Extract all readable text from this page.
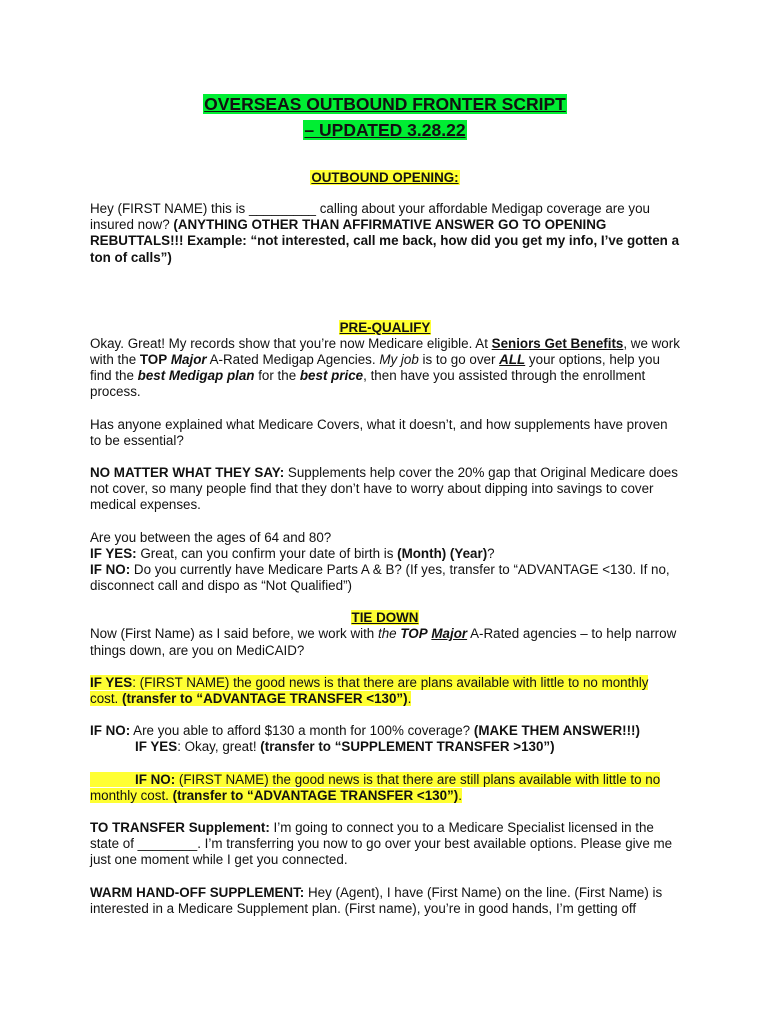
OVERSEAS OUTBOUND FRONTER SCRIPT
– UPDATED 3.28.22
OUTBOUND OPENING:

Hey (FIRST NAME) this is _________ calling about your affordable Medigap coverage are you insured now? (ANYTHING OTHER THAN AFFIRMATIVE ANSWER GO TO OPENING REBUTTALS!!! Example: “not interested, call me back, how did you get my info, I’ve gotten a ton of calls”)

PRE-QUALIFY

Okay. Great! My records show that you’re now Medicare eligible. At Seniors Get Benefits, we work with the TOP Major A-Rated Medigap Agencies. My job is to go over ALL your options, help you find the best Medigap plan for the best price, then have you assisted through the enrollment process.

Has anyone explained what Medicare Covers, what it doesn’t, and how supplements have proven to be essential?

NO MATTER WHAT THEY SAY: Supplements help cover the 20% gap that Original Medicare does not cover, so many people find that they don’t have to worry about dipping into savings to cover medical expenses.

Are you between the ages of 64 and 80?

IF YES: Great, can you confirm your date of birth is (Month) (Year)?

IF NO: Do you currently have Medicare Parts A & B? (If yes, transfer to “ADVANTAGE <130. If no, disconnect call and dispo as “Not Qualified”)

TIE DOWN

Now (First Name) as I said before, we work with the TOP Major A-Rated agencies – to help narrow things down, are you on MediCAID?

IF YES: (FIRST NAME) the good news is that there are plans available with little to no monthly cost. (transfer to “ADVANTAGE TRANSFER <130”).

IF NO: Are you able to afford $130 a month for 100% coverage? (MAKE THEM ANSWER!!!)

IF YES: Okay, great! (transfer to “SUPPLEMENT TRANSFER >130”)

IF NO: (FIRST NAME) the good news is that there are still plans available with little to no monthly cost. (transfer to “ADVANTAGE TRANSFER <130”).

TO TRANSFER Supplement: I’m going to connect you to a Medicare Specialist licensed in the state of ________. I’m transferring you now to go over your best available options. Please give me just one moment while I get you connected.

WARM HAND-OFF SUPPLEMENT: Hey (Agent), I have (First Name) on the line. (First Name) is interested in a Medicare Supplement plan. (First name), you’re in good hands, I’m getting off
